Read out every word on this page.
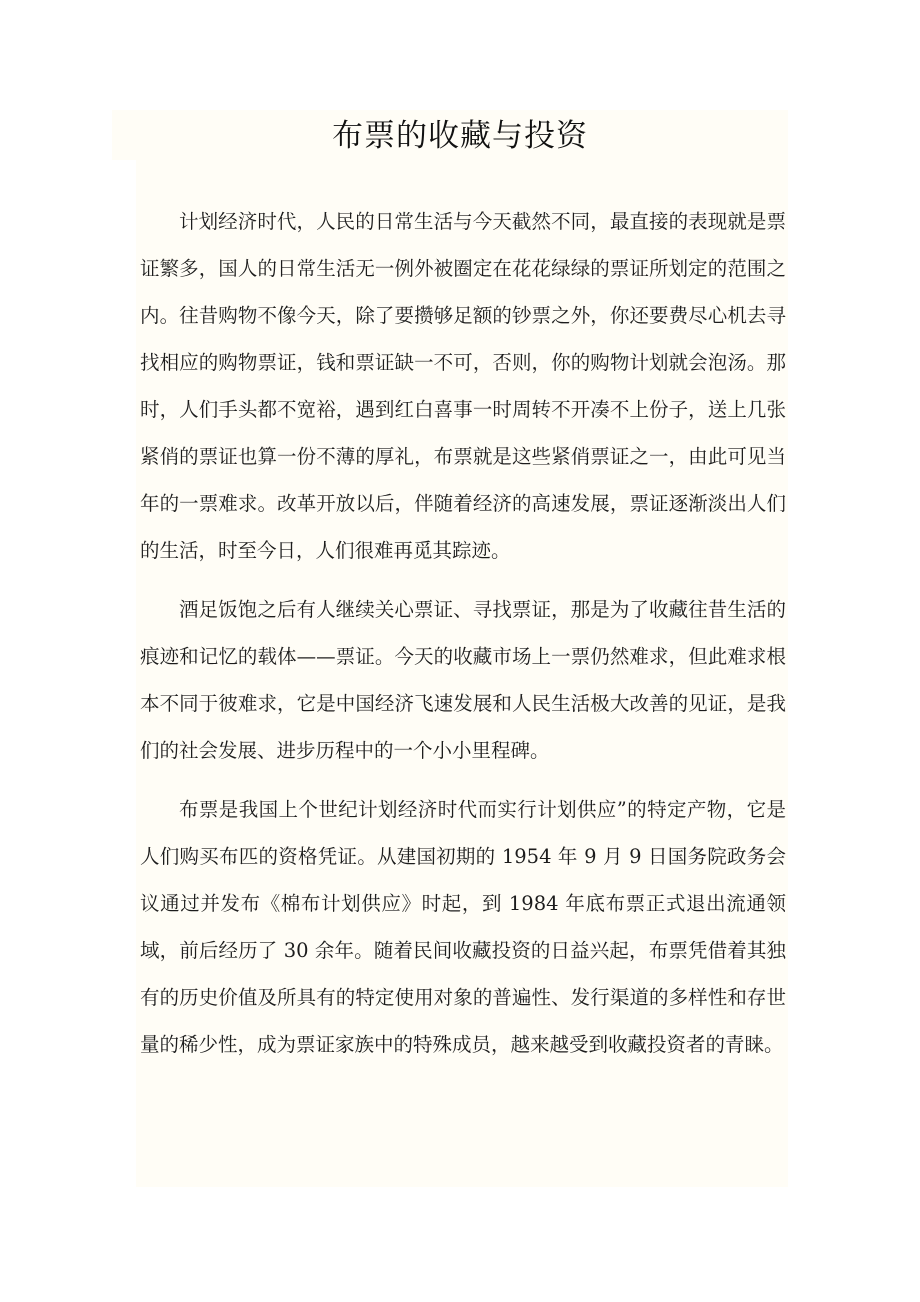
布票的收藏与投资

计划经济时代，人民的日常生活与今天截然不同，最直接的表现就是票证繁多，国人的日常生活无一例外被圈定在花花绿绿的票证所划定的范围之内。往昔购物不像今天，除了要攒够足额的钞票之外，你还要费尽心机去寻找相应的购物票证，钱和票证缺一不可，否则，你的购物计划就会泡汤。那时，人们手头都不宽裕，遇到红白喜事一时周转不开凑不上份子，送上几张紧俏的票证也算一份不薄的厚礼，布票就是这些紧俏票证之一，由此可见当年的一票难求。改革开放以后，伴随着经济的高速发展，票证逐渐淡出人们的生活，时至今日，人们很难再觅其踪迹。

酒足饭饱之后有人继续关心票证、寻找票证，那是为了收藏往昔生活的痕迹和记忆的载体——票证。今天的收藏市场上一票仍然难求，但此难求根本不同于彼难求，它是中国经济飞速发展和人民生活极大改善的见证，是我们的社会发展、进步历程中的一个小小里程碑。

布票是我国上个世纪计划经济时代而实行计划供应”的特定产物，它是人们购买布匹的资格凭证。从建国初期的 1954 年 9 月 9 日国务院政务会议通过并发布《棉布计划供应》时起，到 1984 年底布票正式退出流通领域，前后经历了 30 余年。随着民间收藏投资的日益兴起，布票凭借着其独有的历史价值及所具有的特定使用对象的普遍性、发行渠道的多样性和存世量的稀少性，成为票证家族中的特殊成员，越来越受到收藏投资者的青睐。
